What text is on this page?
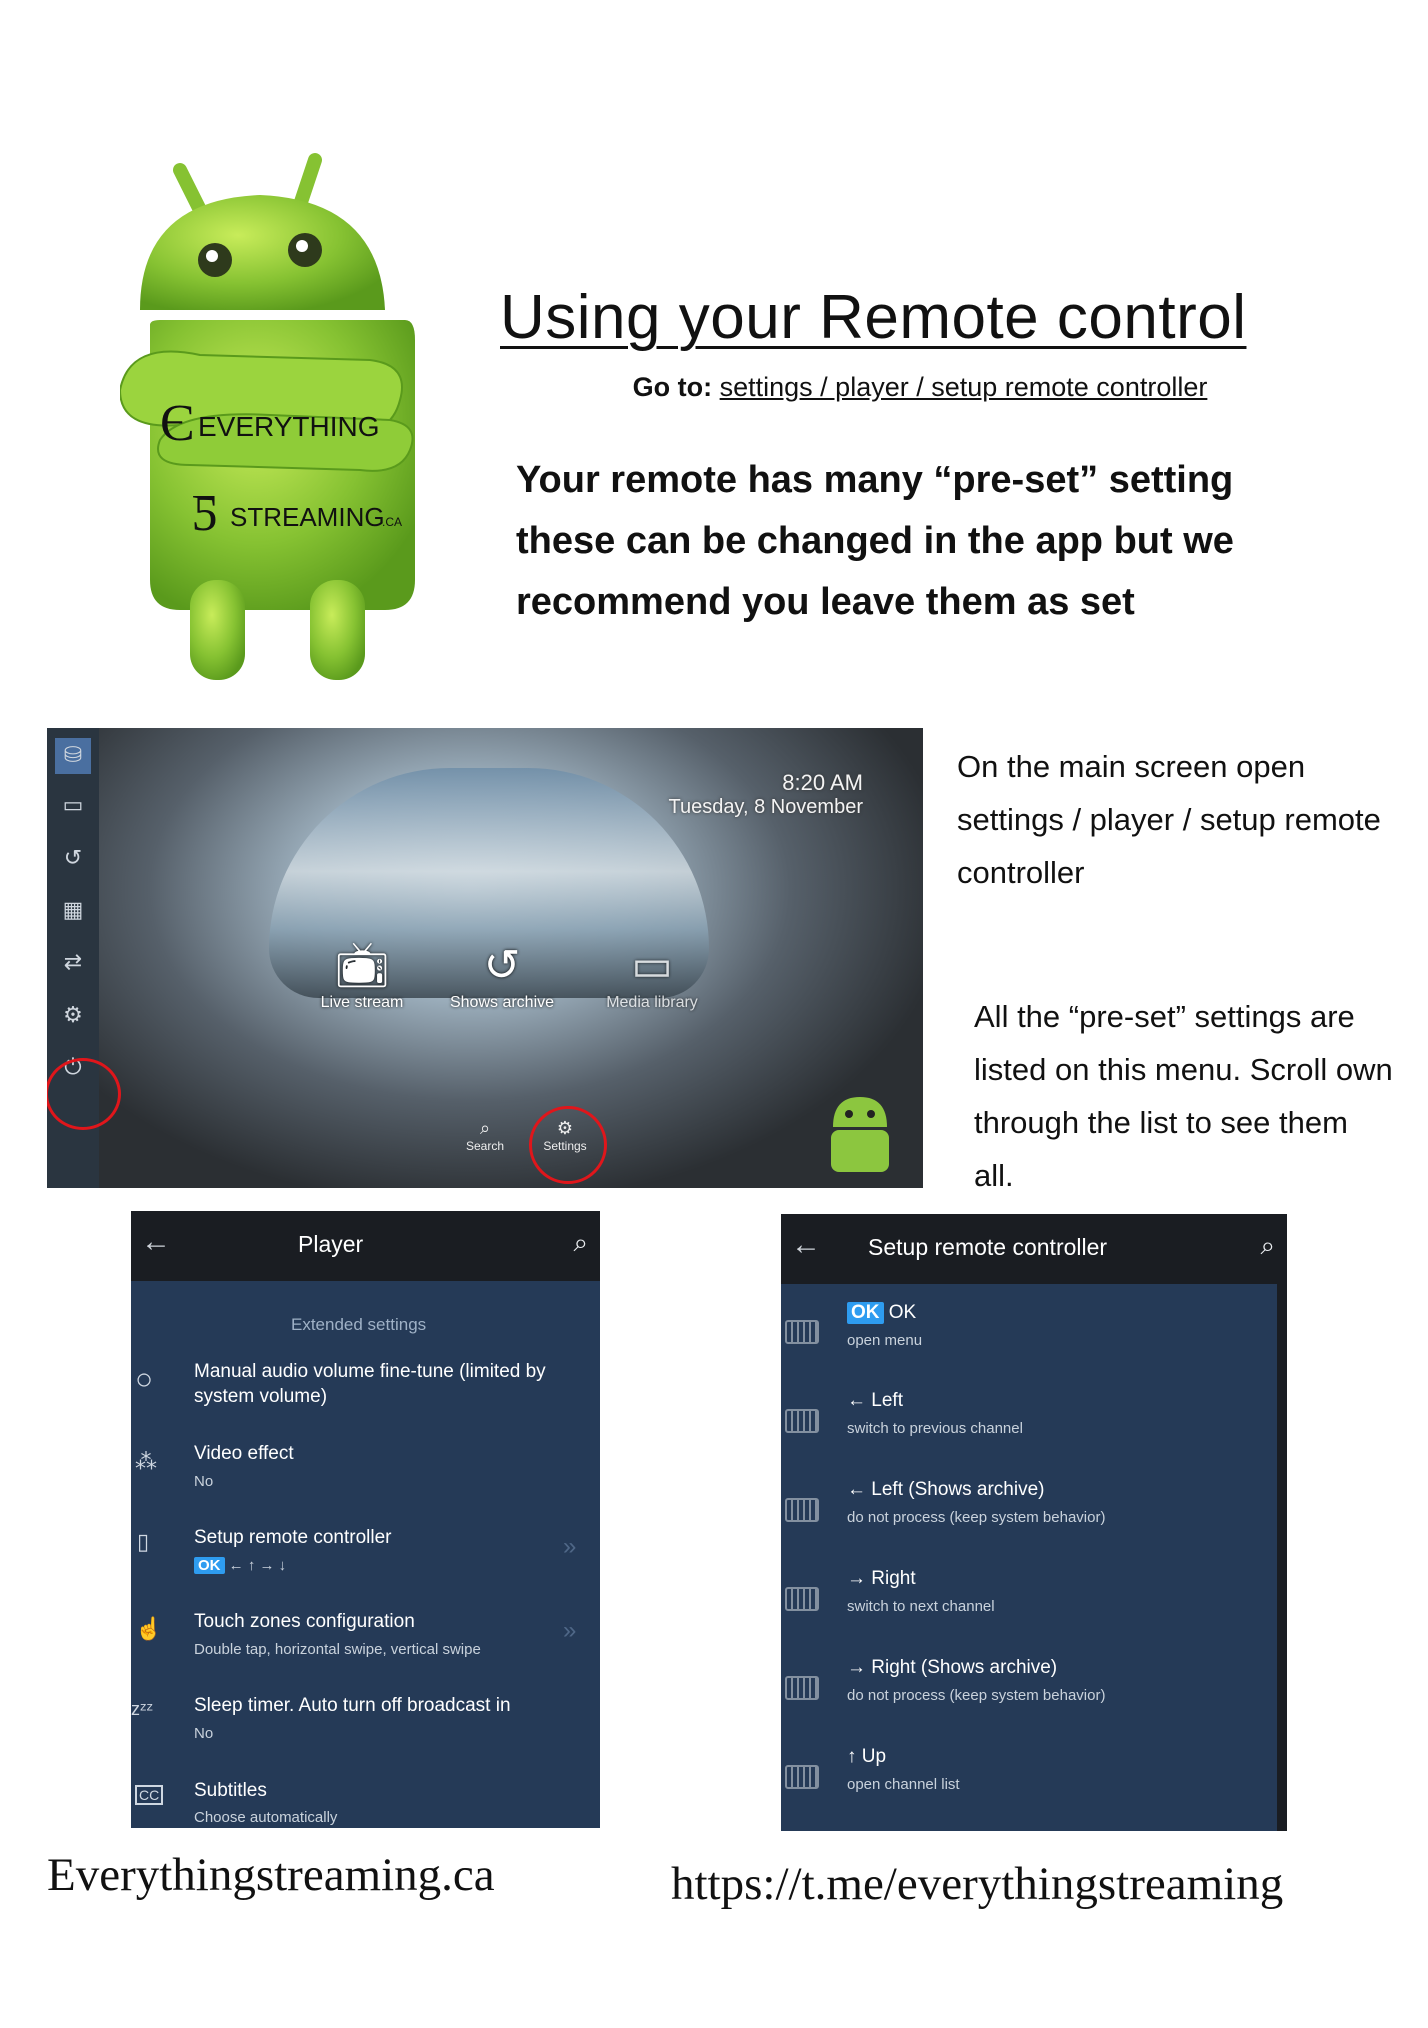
Є EVERYTHING
Ƽ STREAMING
.CA
Using your Remote control
Go to: settings / player / setup remote controller
Your remote has many “pre-set” setting these can be changed in the app but we recommend you leave them as set
⛁
▭
↺
▦
⇄
⚙
⏻
8:20 AM
Tuesday, 8 November
📺︎
Live stream
↺
Shows archive
▭
Media library
⌕
Search
⚙
Settings
On the main screen open settings / player / setup remote controller
All the “pre-set” settings are listed on this menu. Scroll own through the list to see them all.
←	Player	⌕
Extended settings
○ Manual audio volume fine-tune (limited by system volume)
⁂ Video effect
No
▯ Setup remote controller
OK ← ↑ → ↓
»
☝ Touch zones configuration
Double tap, horizontal swipe, vertical swipe
»
zᶻᶻ Sleep timer. Auto turn off broadcast in
No
CC Subtitles
Choose automatically
← Setup remote controller	⌕
OK OK
open menu
← Left
switch to previous channel
← Left (Shows archive)
do not process (keep system behavior)
→ Right
switch to next channel
→ Right (Shows archive)
do not process (keep system behavior)
↑ Up
open channel list
Everythingstreaming.ca	https://t.me/everythingstreaming
